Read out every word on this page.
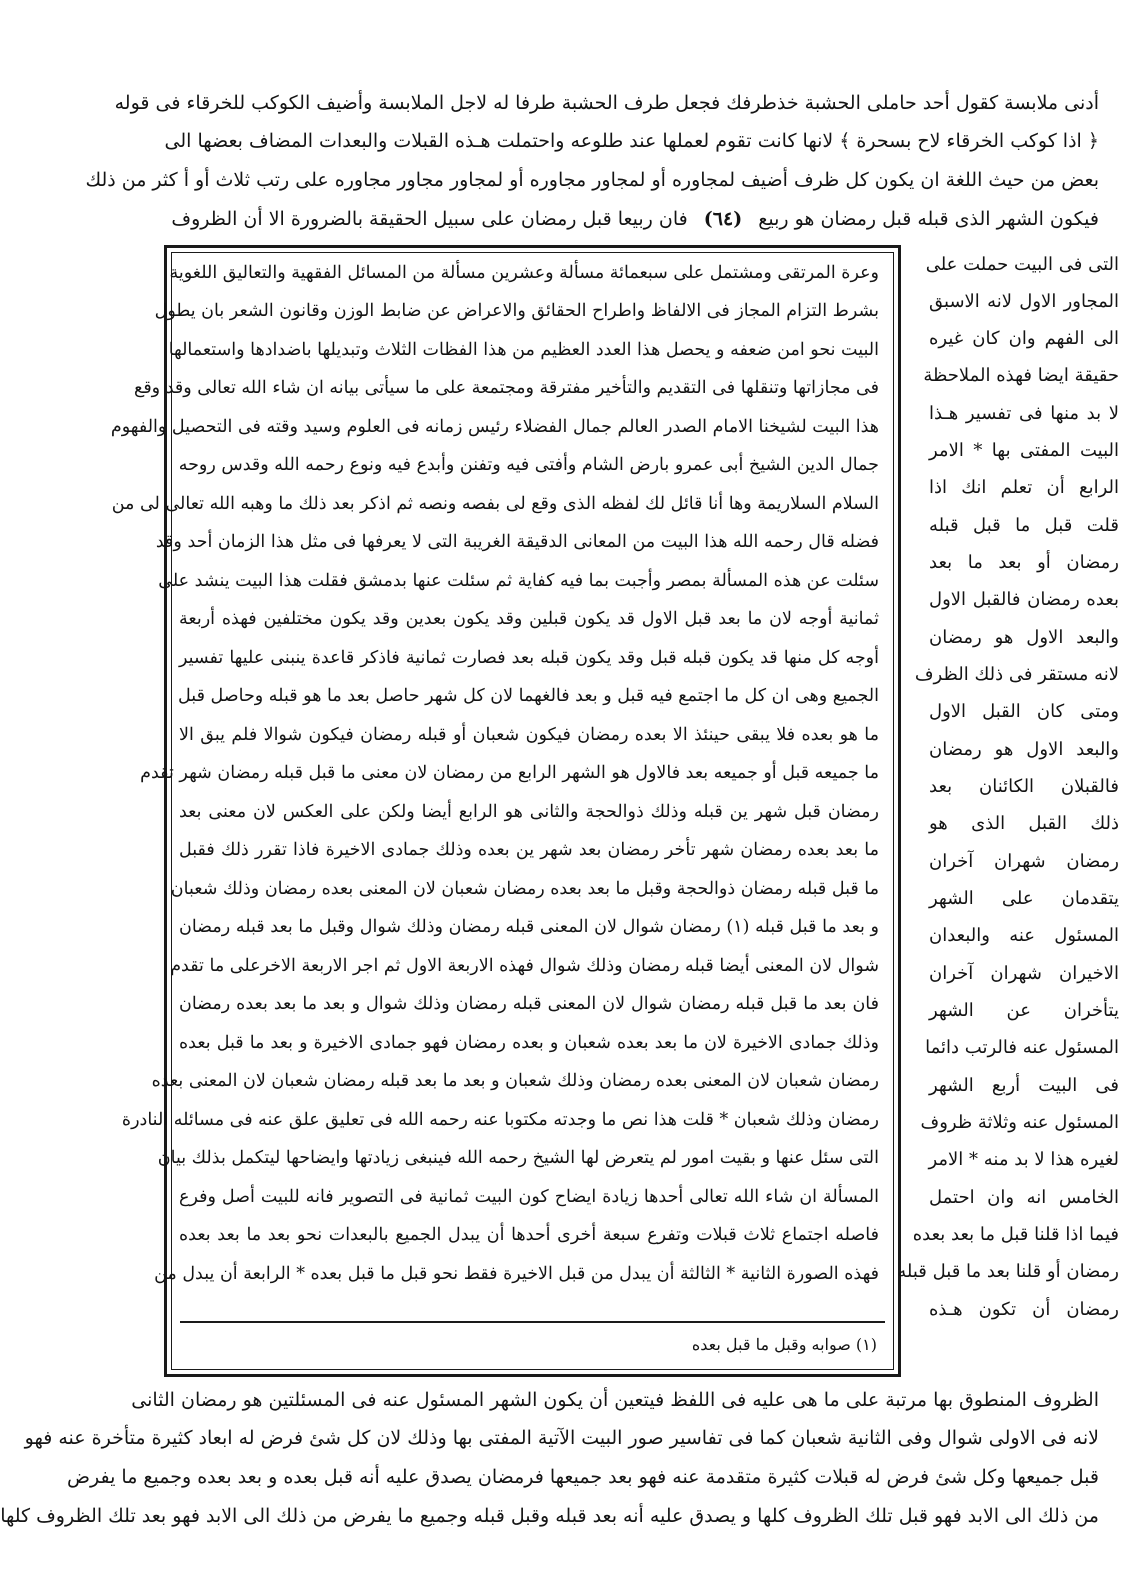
أدنى ملابسة كقول أحد حاملى الحشبة خذطرفك فجعل طرف الحشبة طرفا له لاجل الملابسة وأضيف الكوكب للخرقاء فى قوله
﴿ اذا كوكب الخرقاء لاح بسحرة ﴾ لانها كانت تقوم لعملها عند طلوعه واحتملت هـذه القبلات والبعدات المضاف بعضها الى
بعض من حيث اللغة ان يكون كل ظرف أضيف لمجاوره أو لمجاور مجاوره أو لمجاور مجاور مجاوره على رتب ثلاث أو أ كثر من ذلك
فيكون الشهر الذى قبله قبل رمضان هو ربيع (٦٤) فان ربيعا قبل رمضان على سبيل الحقيقة بالضرورة الا أن الظروف
وعرة المرتقى ومشتمل على سبعمائة مسألة وعشرين مسألة من المسائل الفقهية والتعاليق اللغوية
بشرط التزام المجاز فى الالفاظ واطراح الحقائق والاعراض عن ضابط الوزن وقانون الشعر بان يطول
البيت نحو امن ضعفه و يحصل هذا العدد العظيم من هذا الفظات الثلاث وتبديلها باضدادها واستعمالها
فى مجازاتها وتنقلها فى التقديم والتأخير مفترقة ومجتمعة على ما سيأتى بيانه ان شاء الله تعالى وقد وقع
هذا البيت لشيخنا الامام الصدر العالم جمال الفضلاء رئيس زمانه فى العلوم وسيد وقته فى التحصيل والفهوم
جمال الدين الشيخ أبى عمرو بارض الشام وأفتى فيه وتفنن وأبدع فيه ونوع رحمه الله وقدس روحه
السلام السلاريمة وها أنا قائل لك لفظه الذى وقع لى بفصه ونصه ثم اذكر بعد ذلك ما وهبه الله تعالى لى من
فضله قال رحمه الله هذا البيت من المعانى الدقيقة الغريبة التى لا يعرفها فى مثل هذا الزمان أحد وقد
سئلت عن هذه المسألة بمصر وأجبت بما فيه كفاية ثم سئلت عنها بدمشق فقلت هذا البيت ينشد على
ثمانية أوجه لان ما بعد قبل الاول قد يكون قبلين وقد يكون بعدين وقد يكون مختلفين فهذه أربعة
أوجه كل منها قد يكون قبله قبل وقد يكون قبله بعد فصارت ثمانية فاذكر قاعدة ينبنى عليها تفسير
الجميع وهى ان كل ما اجتمع فيه قبل و بعد فالغهما لان كل شهر حاصل بعد ما هو قبله وحاصل قبل
ما هو بعده فلا يبقى حينئذ الا بعده رمضان فيكون شعبان أو قبله رمضان فيكون شوالا فلم يبق الا
ما جميعه قبل أو جميعه بعد فالاول هو الشهر الرابع من رمضان لان معنى ما قبل قبله رمضان شهر تقدم
رمضان قبل شهر ين قبله وذلك ذوالحجة والثانى هو الرابع أيضا ولكن على العكس لان معنى بعد
ما بعد بعده رمضان شهر تأخر رمضان بعد شهر ين بعده وذلك جمادى الاخيرة فاذا تقرر ذلك فقبل
ما قبل قبله رمضان ذوالحجة وقبل ما بعد بعده رمضان شعبان لان المعنى بعده رمضان وذلك شعبان
و بعد ما قبل قبله (١) رمضان شوال لان المعنى قبله رمضان وذلك شوال وقبل ما بعد قبله رمضان
شوال لان المعنى أيضا قبله رمضان وذلك شوال فهذه الاربعة الاول ثم اجر الاربعة الاخرعلى ما تقدم
فان بعد ما قبل قبله رمضان شوال لان المعنى قبله رمضان وذلك شوال و بعد ما بعد بعده رمضان
وذلك جمادى الاخيرة لان ما بعد بعده شعبان و بعده رمضان فهو جمادى الاخيرة و بعد ما قبل بعده
رمضان شعبان لان المعنى بعده رمضان وذلك شعبان و بعد ما بعد قبله رمضان شعبان لان المعنى بعده
رمضان وذلك شعبان * قلت هذا نص ما وجدته مكتوبا عنه رحمه الله فى تعليق علق عنه فى مسائله النادرة
التى سئل عنها و بقيت امور لم يتعرض لها الشيخ رحمه الله فينبغى زيادتها وايضاحها ليتكمل بذلك بيان
المسألة ان شاء الله تعالى أحدها زيادة ايضاح كون البيت ثمانية فى التصوير فانه للبيت أصل وفرع
فاصله اجتماع ثلاث قبلات وتفرع سبعة أخرى أحدها أن يبدل الجميع بالبعدات نحو بعد ما بعد بعده
فهذه الصورة الثانية * الثالثة أن يبدل من قبل الاخيرة فقط نحو قبل ما قبل بعده * الرابعة أن يبدل من
(١) صوابه وقبل ما قبل بعده
التى فى البيت حملت على
المجاور الاول لانه الاسبق
الى الفهم وان كان غيره
حقيقة ايضا فهذه الملاحظة
لا بد منها فى تفسير هـذا
البيت المفتى بها * الامر
الرابع أن تعلم انك اذا
قلت قبل ما قبل قبله
رمضان أو بعد ما بعد
بعده رمضان فالقبل الاول
والبعد الاول هو رمضان
لانه مستقر فى ذلك الظرف
ومتى كان القبل الاول
والبعد الاول هو رمضان
فالقبلان الكائنان بعد
ذلك القبل الذى هو
رمضان شهران آخران
يتقدمان على الشهر
المسئول عنه والبعدان
الاخيران شهران آخران
يتأخران عن الشهر
المسئول عنه فالرتب دائما
فى البيت أربع الشهر
المسئول عنه وثلاثة ظروف
لغيره هذا لا بد منه * الامر
الخامس انه وان احتمل
فيما اذا قلنا قبل ما بعد بعده
رمضان أو قلنا بعد ما قبل قبله
رمضان أن تكون هـذه
الظروف المنطوق بها مرتبة على ما هى عليه فى اللفظ فيتعين أن يكون الشهر المسئول عنه فى المسئلتين هو رمضان الثانى
لانه فى الاولى شوال وفى الثانية شعبان كما فى تفاسير صور البيت الآتية المفتى بها وذلك لان كل شئ فرض له ابعاد كثيرة متأخرة عنه فهو
قبل جميعها وكل شئ فرض له قبلات كثيرة متقدمة عنه فهو بعد جميعها فرمضان يصدق عليه أنه قبل بعده و بعد بعده وجميع ما يفرض
من ذلك الى الابد فهو قبل تلك الظروف كلها و يصدق عليه أنه بعد قبله وقبل قبله وجميع ما يفرض من ذلك الى الابد فهو بعد تلك الظروف كلها
